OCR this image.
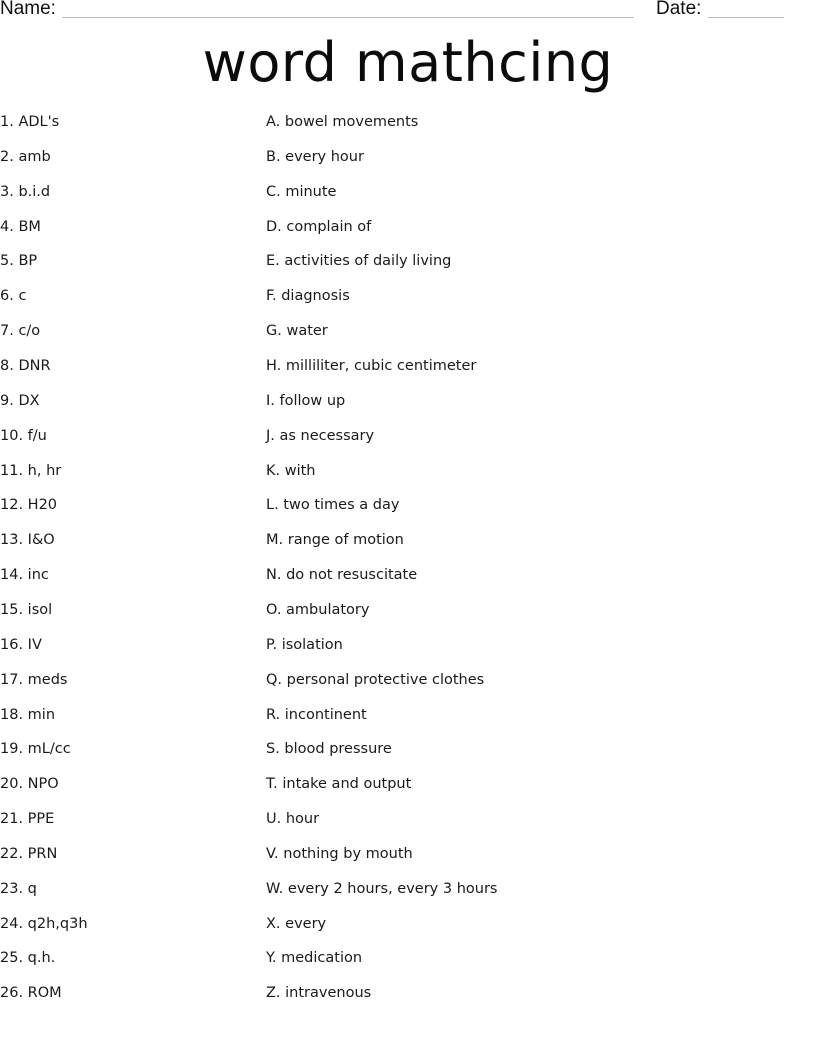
Name:	Date:
word mathcing
1. ADL's
2. amb
3. b.i.d
4. BM
5. BP
6. c
7. c/o
8. DNR
9. DX
10. f/u
11. h, hr
12. H20
13. I&O
14. inc
15. isol
16. IV
17. meds
18. min
19. mL/cc
20. NPO
21. PPE
22. PRN
23. q
24. q2h,q3h
25. q.h.
26. ROM
A. bowel movements
B. every hour
C. minute
D. complain of
E. activities of daily living
F. diagnosis
G. water
H. milliliter, cubic centimeter
I. follow up
J. as necessary
K. with
L. two times a day
M. range of motion
N. do not resuscitate
O. ambulatory
P. isolation
Q. personal protective clothes
R. incontinent
S. blood pressure
T. intake and output
U. hour
V. nothing by mouth
W. every 2 hours, every 3 hours
X. every
Y. medication
Z. intravenous
